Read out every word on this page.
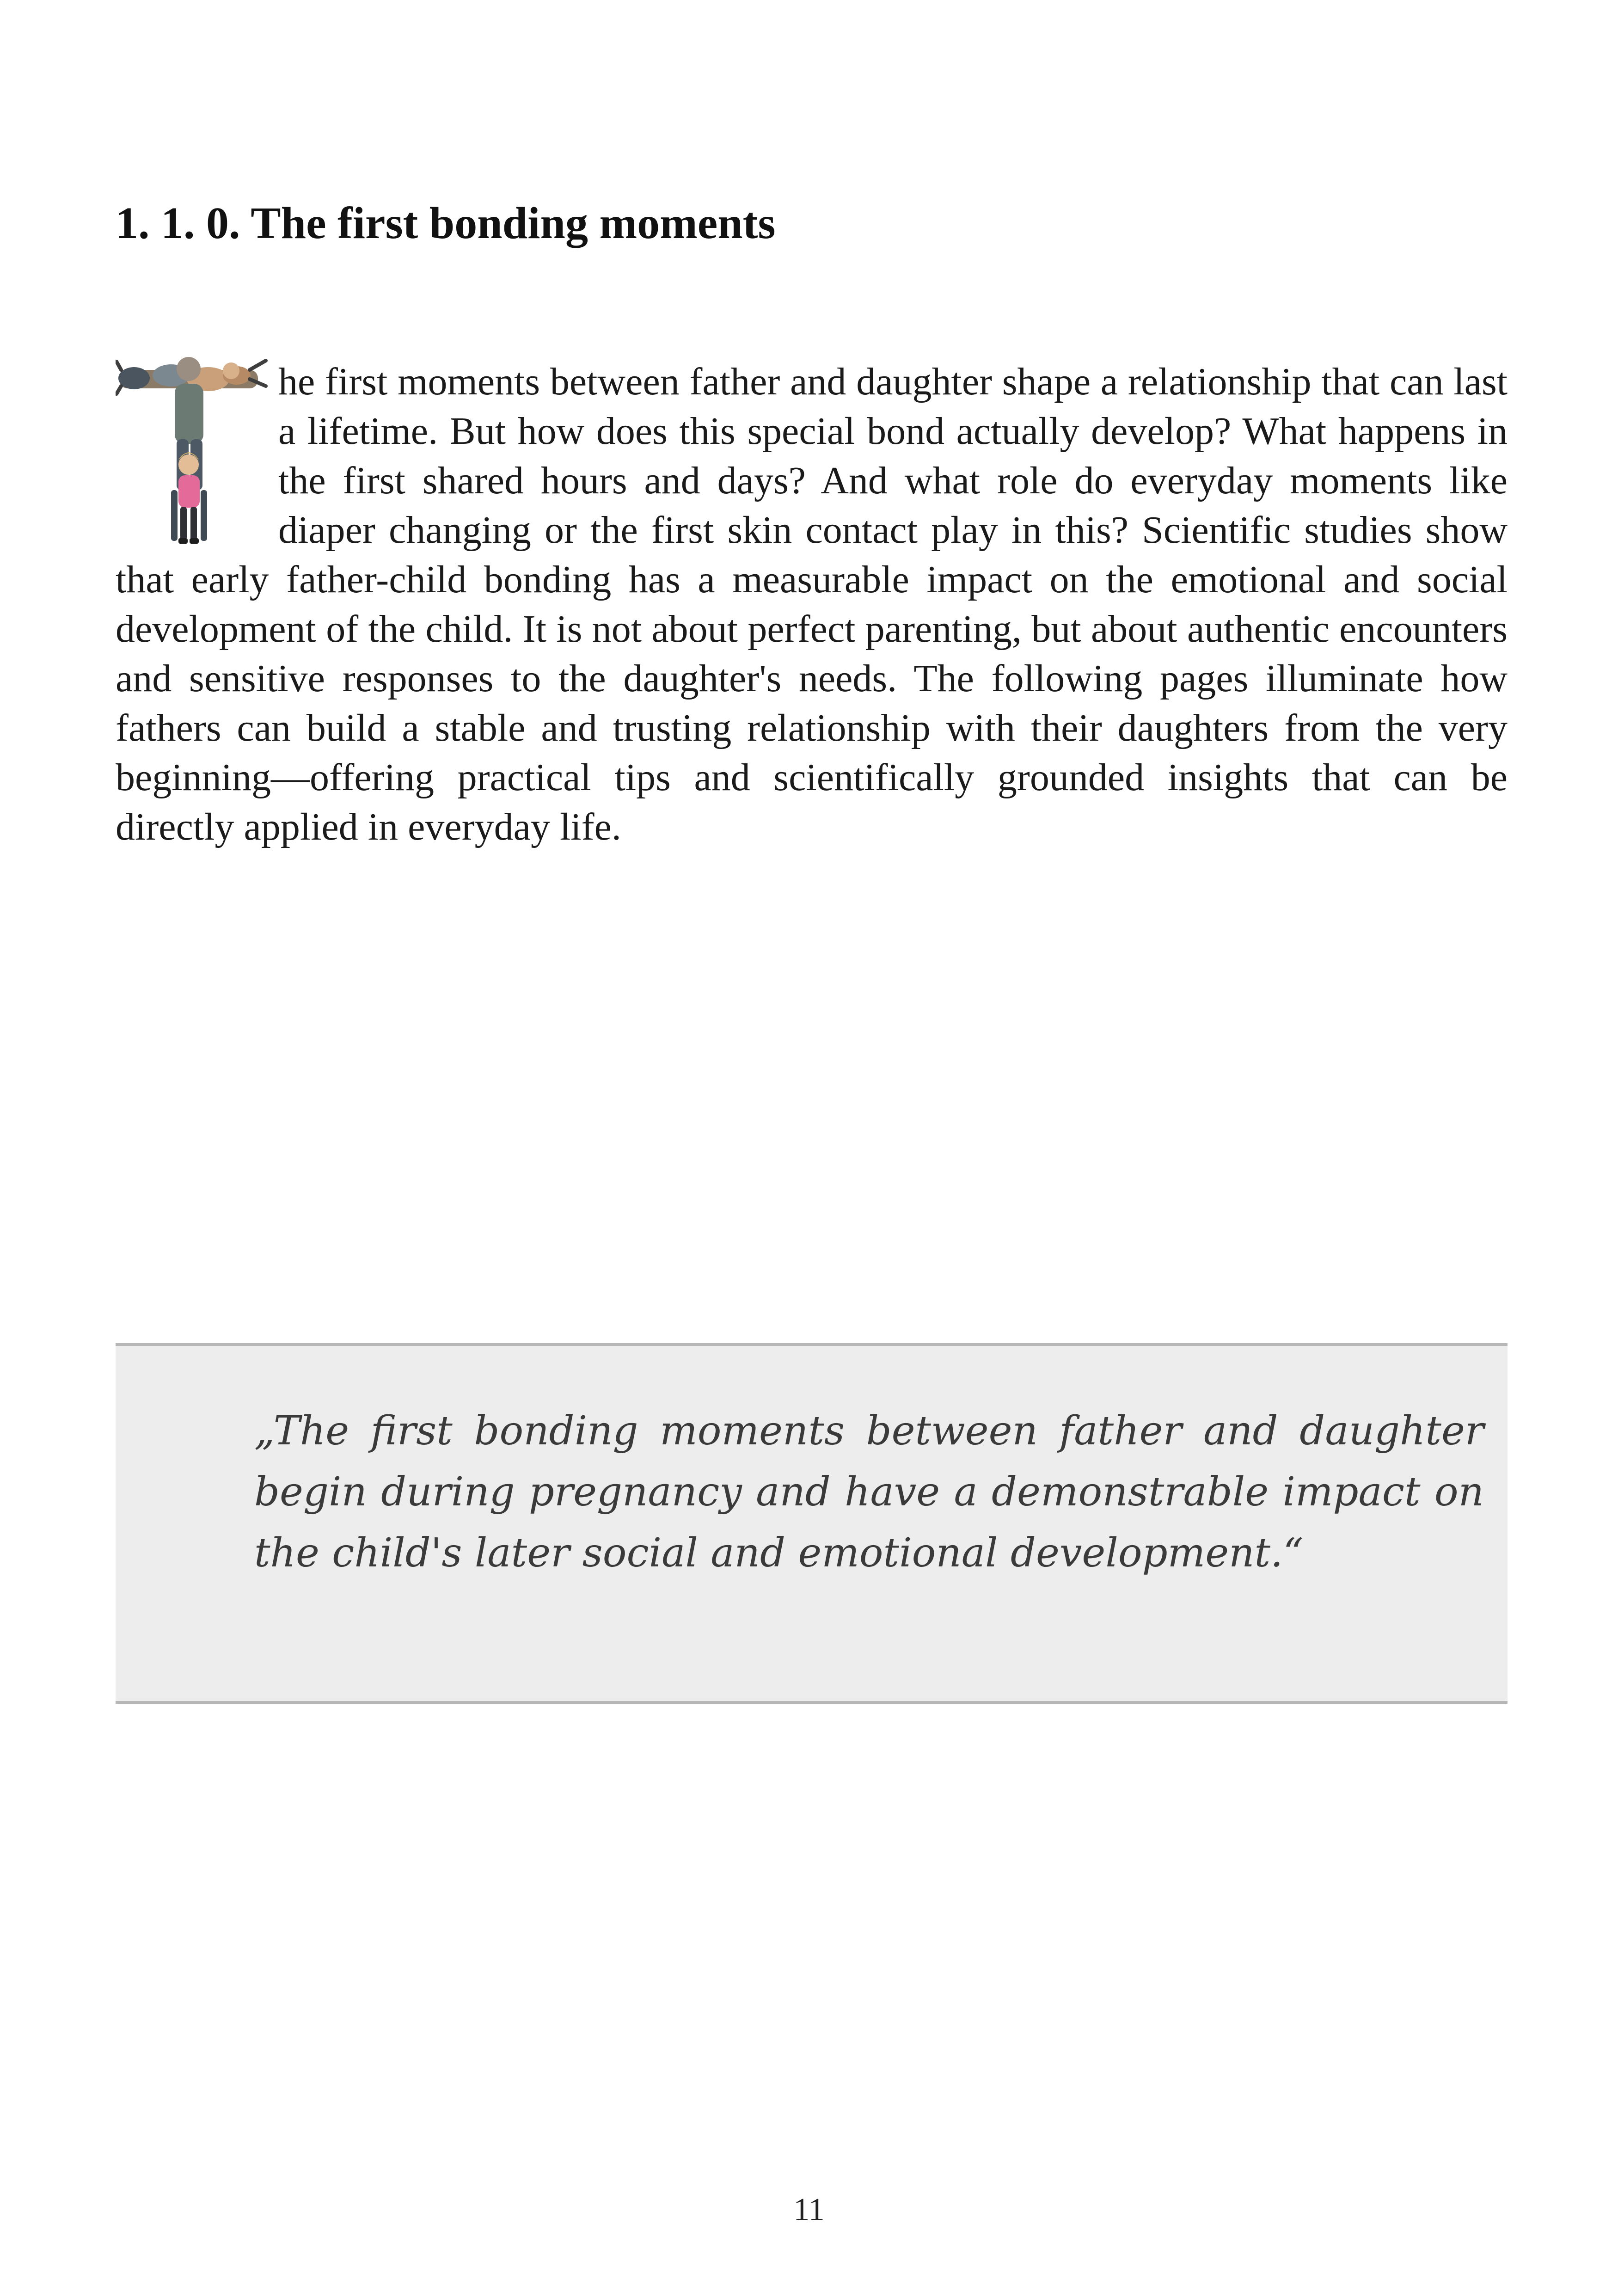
1. 1. 0. The first bonding moments

he first moments between father and daughter shape a relationship that can last a lifetime. But how does this special bond actually develop? What happens in the first shared hours and days? And what role do everyday moments like diaper changing or the first skin contact play in this? Scientific studies show that early father-child bonding has a measurable impact on the emotional and social development of the child. It is not about perfect parenting, but about authentic encounters and sensitive responses to the daughter's needs. The following pages illuminate how fathers can build a stable and trusting relationship with their daughters from the very beginning—offering practical tips and scientifically grounded insights that can be directly applied in everyday life.

„The first bonding moments between father and daughter begin during pregnancy and have a demonstrable impact on the child's later social and emotional development.“

11
